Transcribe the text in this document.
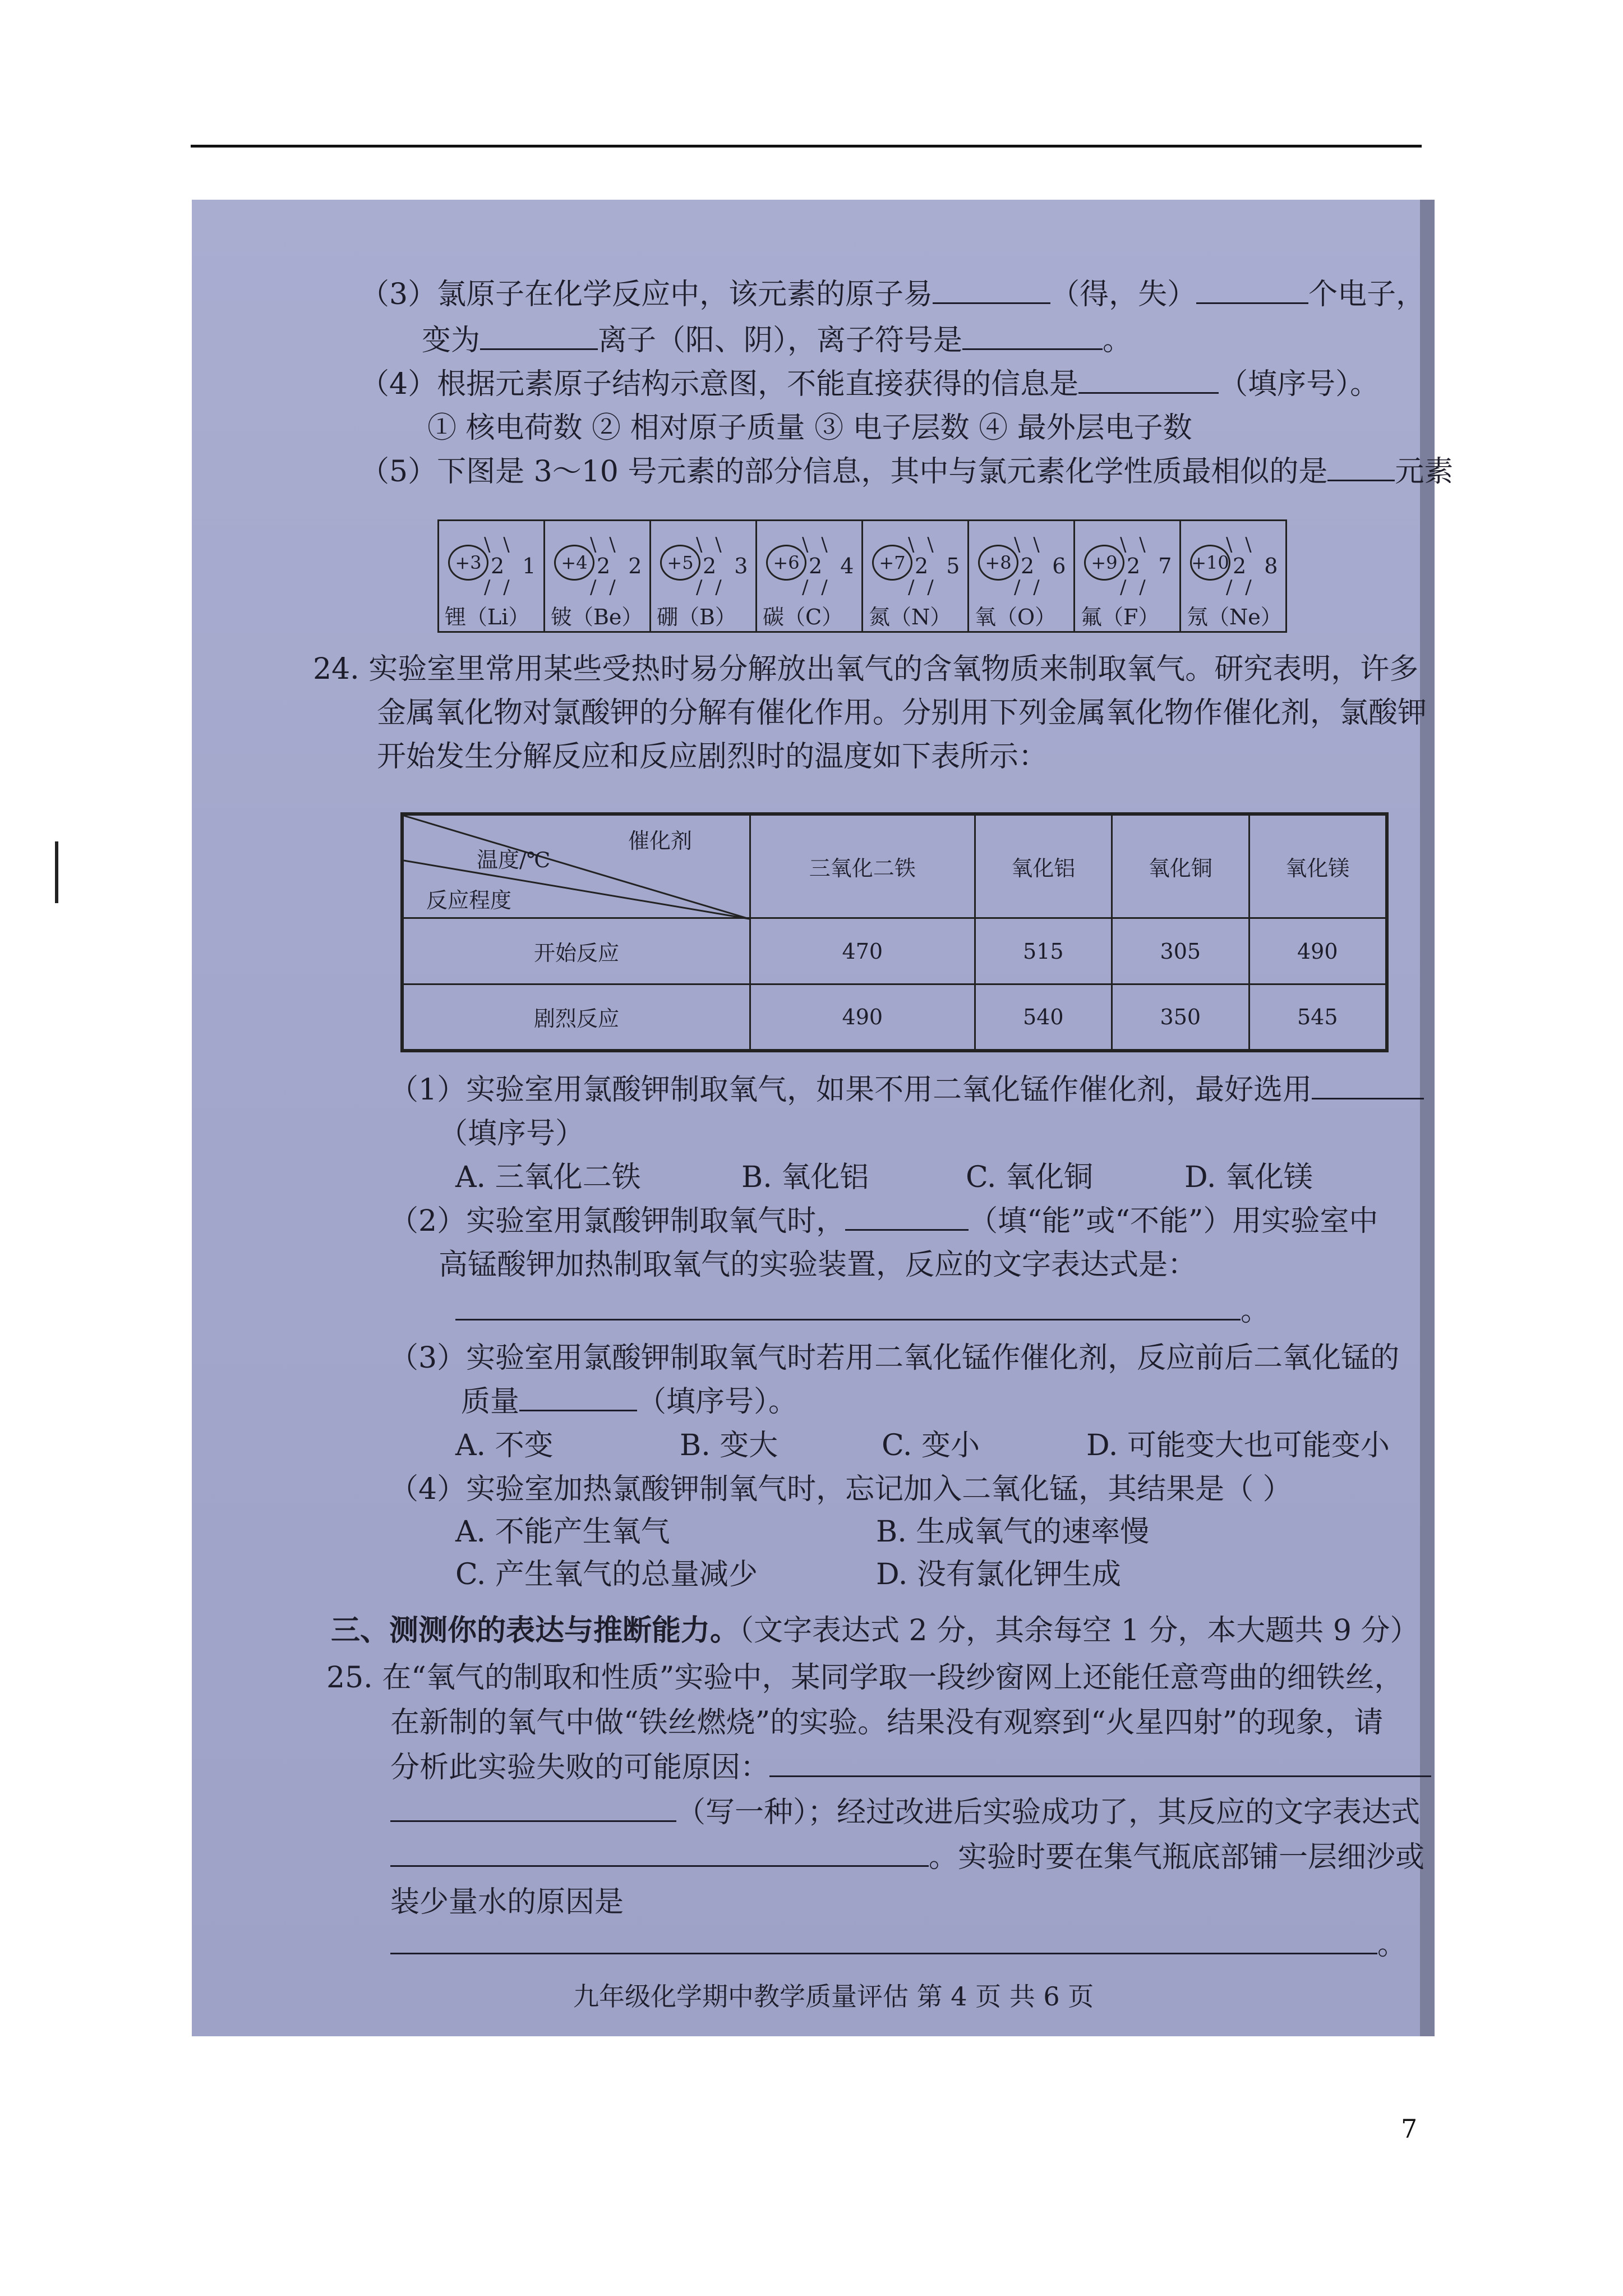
（3）氯原子在化学反应中，该元素的原子易	（得，失）	个电子，
变为	离子（阳、阴），离子符号是	。
（4）根据元素原子结构示意图，不能直接获得的信息是	（填序号）。
① 核电荷数 ② 相对原子质量 ③ 电子层数 ④ 最外层电子数
（5）下图是 3～10 号元素的部分信息，其中与氯元素化学性质最相似的是 元素
+3
\ \
2 1
/ /
锂（Li）
+4
\ \
2 2
/ /
铍（Be）
+5
\ \
2 3
/ /
硼（B）
+6
\ \
2 4
/ /
碳（C）
+7
\ \
2 5
/ /
氮（N）
+8
\ \
2 6
/ /
氧（O）
+9
\ \
2 7
/ /
氟（F）
+10
\ \
2 8
/ /
氖（Ne）
24. 实验室里常用某些受热时易分解放出氧气的含氧物质来制取氧气。研究表明，许多
金属氧化物对氯酸钾的分解有催化作用。分别用下列金属氧化物作催化剂，氯酸钾
开始发生分解反应和反应剧烈时的温度如下表所示：
催化剂
温度/℃
反应程度	三氧化二铁	氧化铝	氧化铜	氧化镁
开始反应	470	515	305	490
剧烈反应	490	540	350	545
（1）实验室用氯酸钾制取氧气，如果不用二氧化锰作催化剂，最好选用
（填序号）
A. 三氧化二铁	B. 氧化铝	C. 氧化铜	D. 氧化镁
（2）实验室用氯酸钾制取氧气时，	（填“能”或“不能”）用实验室中
高锰酸钾加热制取氧气的实验装置，反应的文字表达式是：
。
（3）实验室用氯酸钾制取氧气时若用二氧化锰作催化剂，反应前后二氧化锰的
质量	（填序号）。
A. 不变	B. 变大	C. 变小	D. 可能变大也可能变小
（4）实验室加热氯酸钾制氧气时，忘记加入二氧化锰，其结果是（ ）
A. 不能产生氧气	B. 生成氧气的速率慢
C. 产生氧气的总量减少	D. 没有氯化钾生成
三、测测你的表达与推断能力。（文字表达式 2 分，其余每空 1 分，本大题共 9 分）
25. 在“氧气的制取和性质”实验中，某同学取一段纱窗网上还能任意弯曲的细铁丝，
在新制的氧气中做“铁丝燃烧”的实验。结果没有观察到“火星四射”的现象，请
分析此实验失败的可能原因：
（写一种）；经过改进后实验成功了，其反应的文字表达式
。实验时要在集气瓶底部铺一层细沙或
装少量水的原因是
。
九年级化学期中教学质量评估 第 4 页 共 6 页
7
